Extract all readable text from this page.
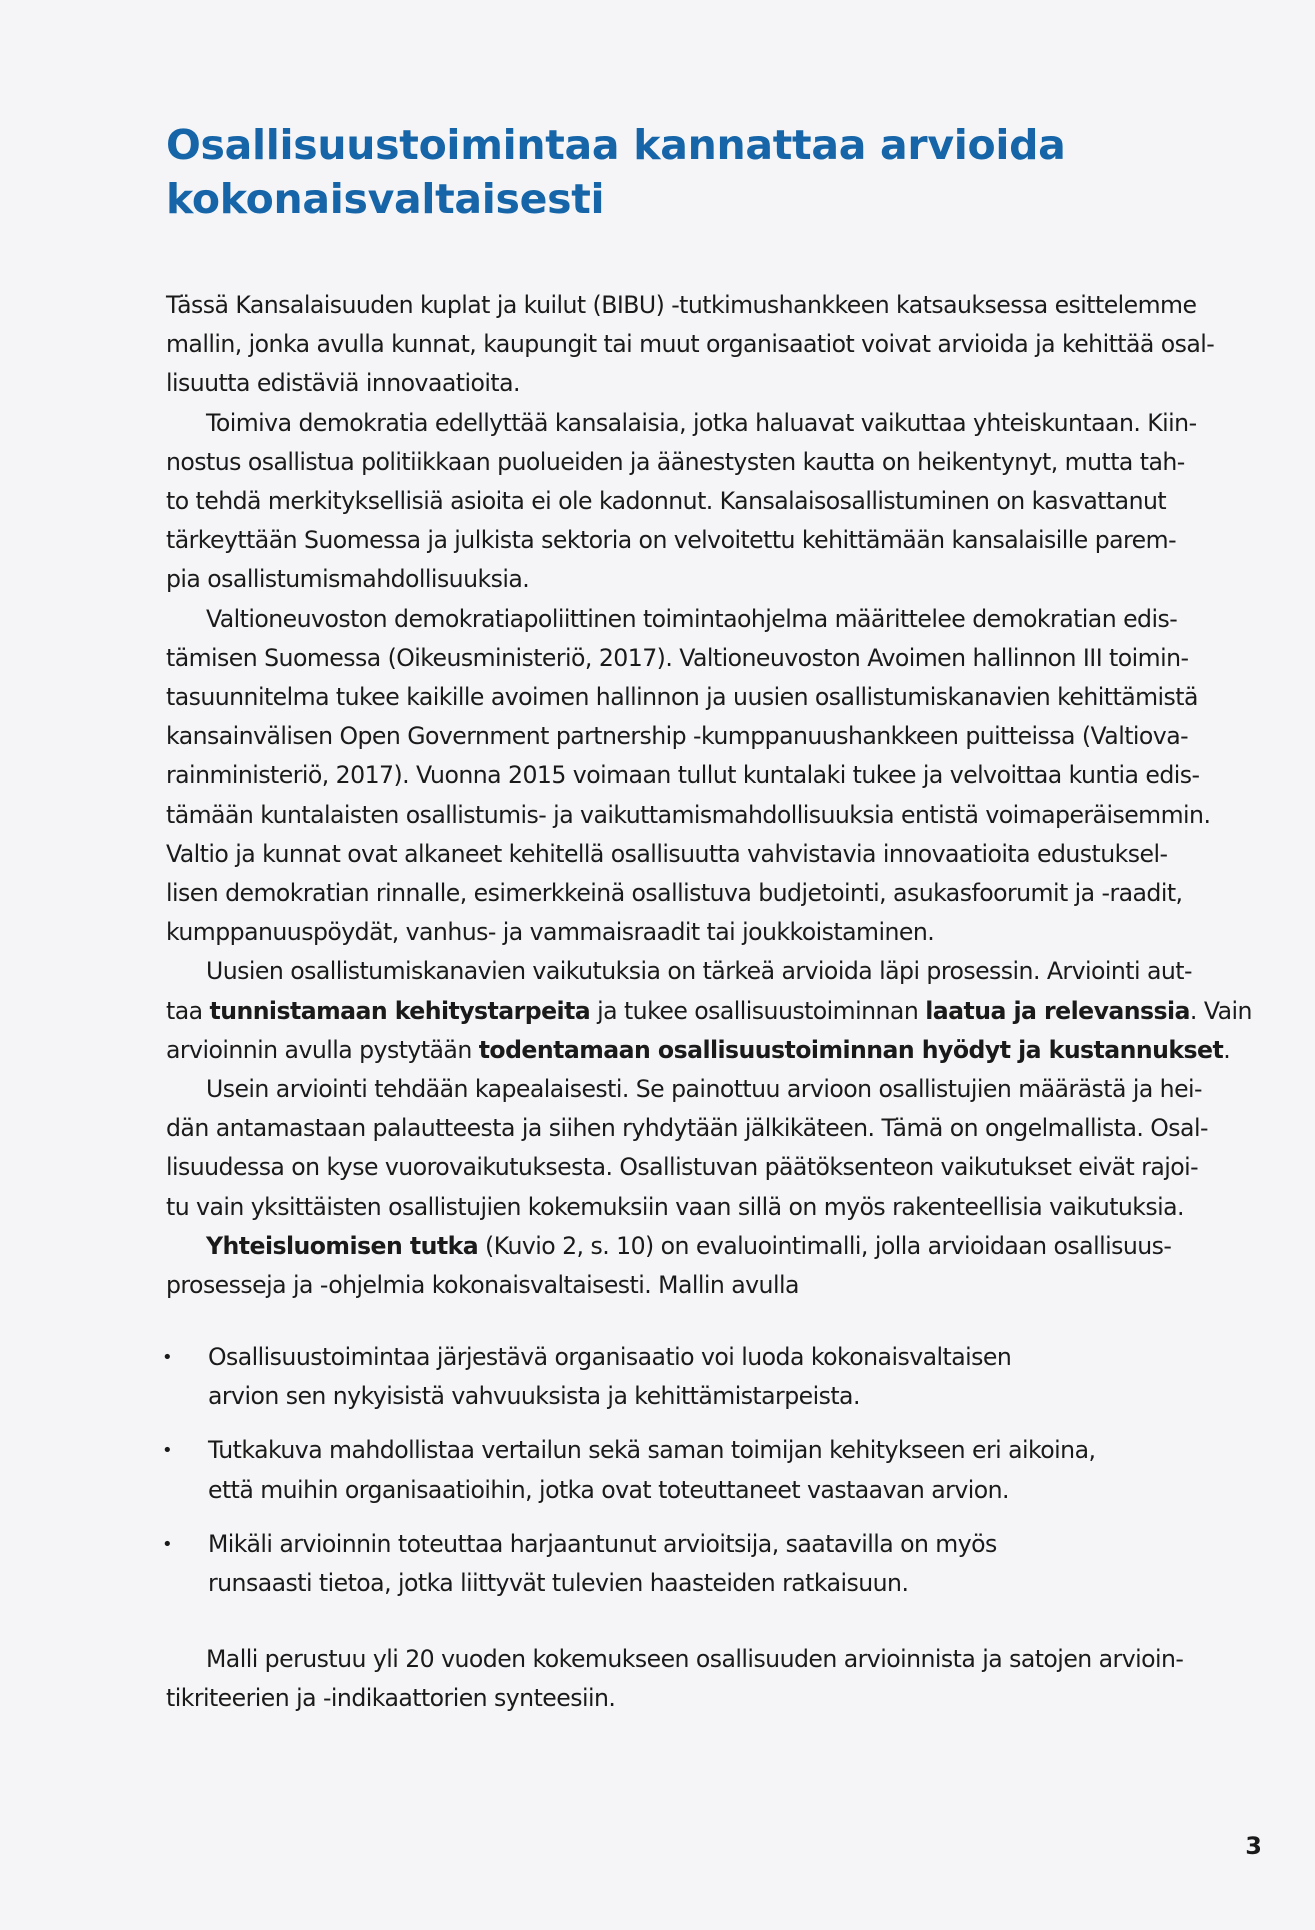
Osallisuustoimintaa kannattaa arvioida
kokonaisvaltaisesti

Tässä Kansalaisuuden kuplat ja kuilut (BIBU) -tutkimushankkeen katsauksessa esittelemme
mallin, jonka avulla kunnat, kaupungit tai muut organisaatiot voivat arvioida ja kehittää osal-
lisuutta edistäviä innovaatioita.

Toimiva demokratia edellyttää kansalaisia, jotka haluavat vaikuttaa yhteiskuntaan. Kiin-
nostus osallistua politiikkaan puolueiden ja äänestysten kautta on heikentynyt, mutta tah-
to tehdä merkityksellisiä asioita ei ole kadonnut. Kansalaisosallistuminen on kasvattanut
tärkeyttään Suomessa ja julkista sektoria on velvoitettu kehittämään kansalaisille parem-
pia osallistumismahdollisuuksia.

Valtioneuvoston demokratiapoliittinen toimintaohjelma määrittelee demokratian edis-
tämisen Suomessa (Oikeusministeriö, 2017). Valtioneuvoston Avoimen hallinnon III toimin-
tasuunnitelma tukee kaikille avoimen hallinnon ja uusien osallistumiskanavien kehittämistä
kansainvälisen Open Government partnership -kumppanuushankkeen puitteissa (Valtiova-
rainministeriö, 2017). Vuonna 2015 voimaan tullut kuntalaki tukee ja velvoittaa kuntia edis-
tämään kuntalaisten osallistumis- ja vaikuttamismahdollisuuksia entistä voimaperäisemmin.
Valtio ja kunnat ovat alkaneet kehitellä osallisuutta vahvistavia innovaatioita edustuksel-
lisen demokratian rinnalle, esimerkkeinä osallistuva budjetointi, asukasfoorumit ja -raadit,
kumppanuuspöydät, vanhus- ja vammaisraadit tai joukkoistaminen.

Uusien osallistumiskanavien vaikutuksia on tärkeä arvioida läpi prosessin. Arviointi aut-
taa tunnistamaan kehitystarpeita ja tukee osallisuustoiminnan laatua ja relevanssia. Vain
arvioinnin avulla pystytään todentamaan osallisuustoiminnan hyödyt ja kustannukset.

Usein arviointi tehdään kapealaisesti. Se painottuu arvioon osallistujien määrästä ja hei-
dän antamastaan palautteesta ja siihen ryhdytään jälkikäteen. Tämä on ongelmallista. Osal-
lisuudessa on kyse vuorovaikutuksesta. Osallistuvan päätöksenteon vaikutukset eivät rajoi-
tu vain yksittäisten osallistujien kokemuksiin vaan sillä on myös rakenteellisia vaikutuksia.

Yhteisluomisen tutka (Kuvio 2, s. 10) on evaluointimalli, jolla arvioidaan osallisuus-
prosesseja ja -ohjelmia kokonaisvaltaisesti. Mallin avulla

• Osallisuustoimintaa järjestävä organisaatio voi luoda kokonaisvaltaisen
arvion sen nykyisistä vahvuuksista ja kehittämistarpeista.
• Tutkakuva mahdollistaa vertailun sekä saman toimijan kehitykseen eri aikoina,
että muihin organisaatioihin, jotka ovat toteuttaneet vastaavan arvion.
• Mikäli arvioinnin toteuttaa harjaantunut arvioitsija, saatavilla on myös
runsaasti tietoa, jotka liittyvät tulevien haasteiden ratkaisuun.
Malli perustuu yli 20 vuoden kokemukseen osallisuuden arvioinnista ja satojen arvioin-
tikriteerien ja -indikaattorien synteesiin.
3
